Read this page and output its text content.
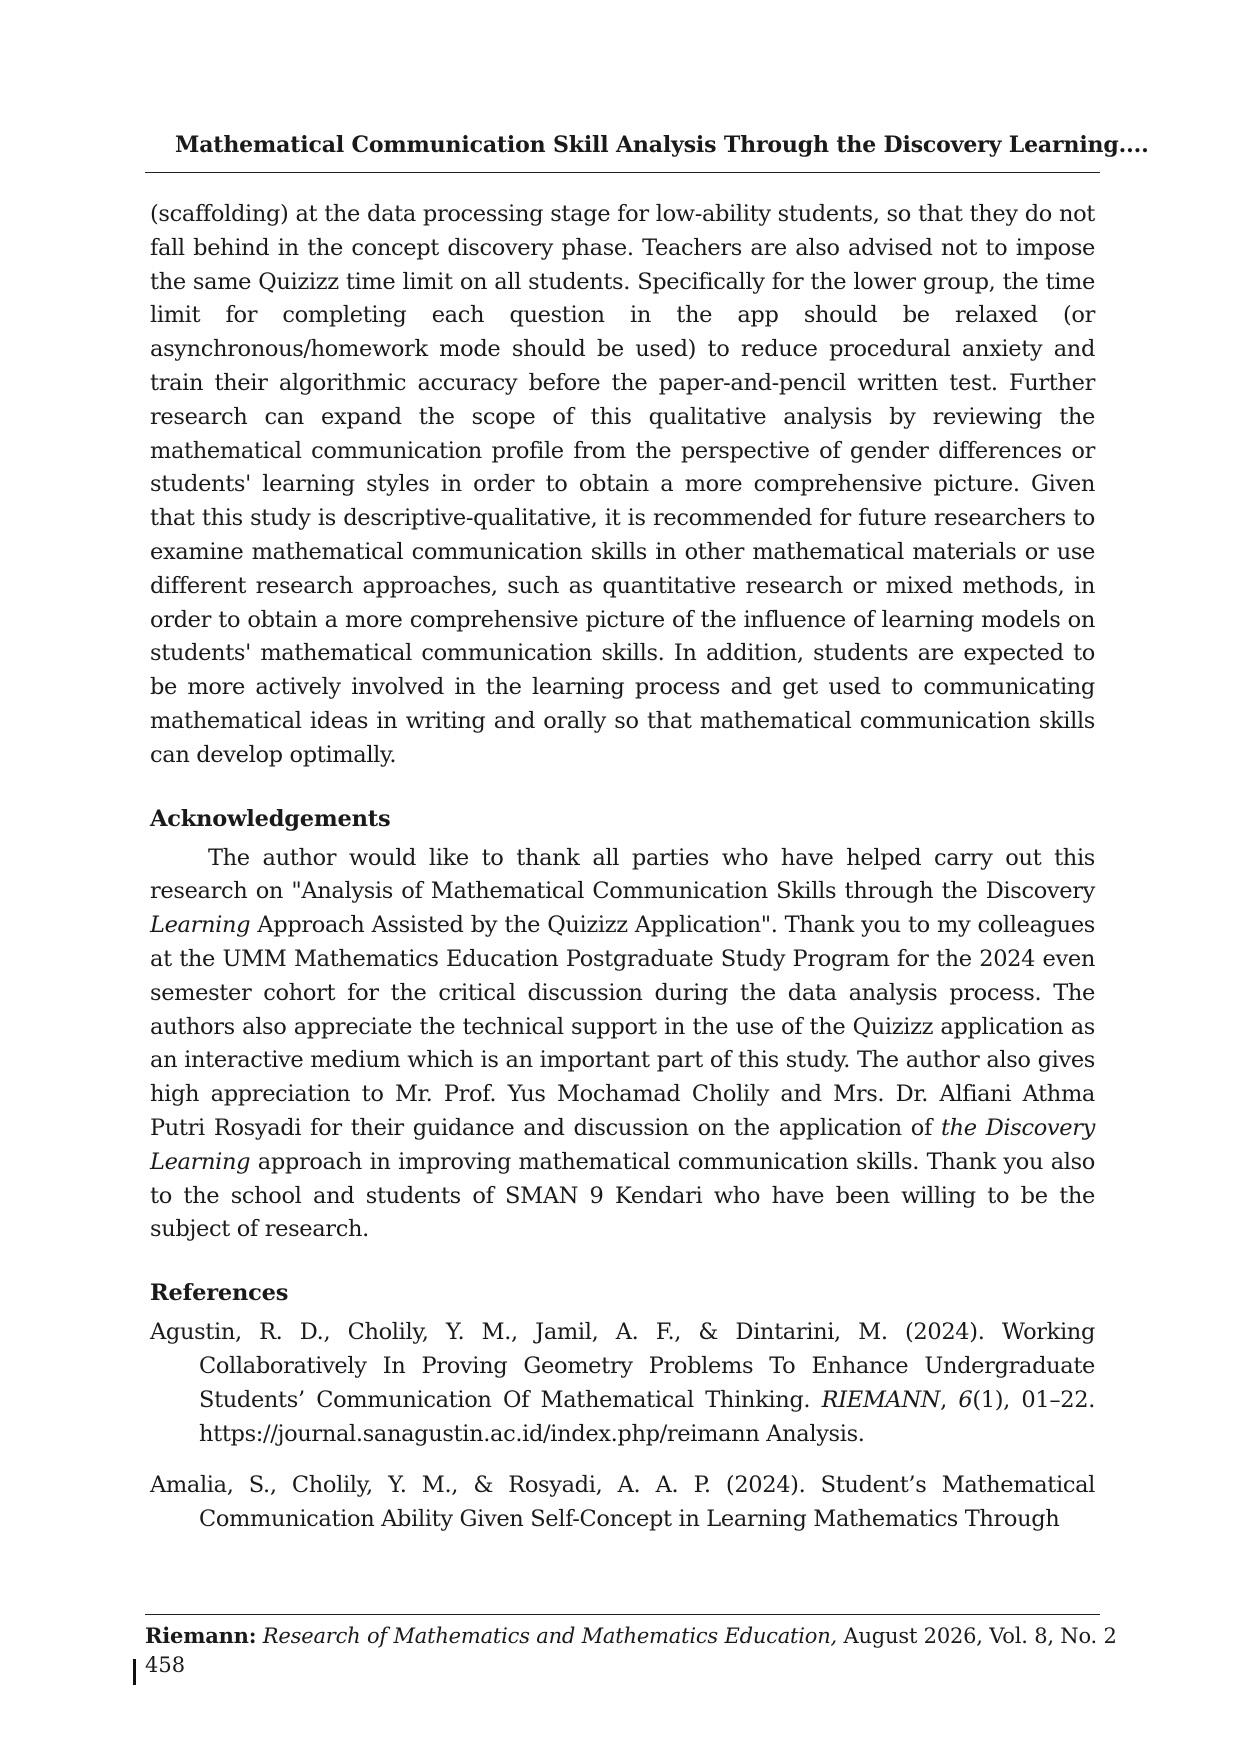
Mathematical Communication Skill Analysis Through the Discovery Learning....

(scaffolding) at the data processing stage for low-ability students, so that they do not fall behind in the concept discovery phase. Teachers are also advised not to impose the same Quizizz time limit on all students. Specifically for the lower group, the time limit for completing each question in the app should be relaxed (or asynchronous/homework mode should be used) to reduce procedural anxiety and train their algorithmic accuracy before the paper-and-pencil written test. Further research can expand the scope of this qualitative analysis by reviewing the mathematical communication profile from the perspective of gender differences or students' learning styles in order to obtain a more comprehensive picture. Given that this study is descriptive-qualitative, it is recommended for future researchers to examine mathematical communication skills in other mathematical materials or use different research approaches, such as quantitative research or mixed methods, in order to obtain a more comprehensive picture of the influence of learning models on students' mathematical communication skills. In addition, students are expected to be more actively involved in the learning process and get used to communicating mathematical ideas in writing and orally so that mathematical communication skills can develop optimally.

Acknowledgements

The author would like to thank all parties who have helped carry out this research on "Analysis of Mathematical Communication Skills through the Discovery Learning Approach Assisted by the Quizizz Application". Thank you to my colleagues at the UMM Mathematics Education Postgraduate Study Program for the 2024 even semester cohort for the critical discussion during the data analysis process. The authors also appreciate the technical support in the use of the Quizizz application as an interactive medium which is an important part of this study. The author also gives high appreciation to Mr. Prof. Yus Mochamad Cholily and Mrs. Dr. Alfiani Athma Putri Rosyadi for their guidance and discussion on the application of the Discovery Learning approach in improving mathematical communication skills. Thank you also to the school and students of SMAN 9 Kendari who have been willing to be the subject of research.

References

Agustin, R. D., Cholily, Y. M., Jamil, A. F., & Dintarini, M. (2024). Working Collaboratively In Proving Geometry Problems To Enhance Undergraduate Students’ Communication Of Mathematical Thinking. RIEMANN, 6(1), 01–22. https://journal.sanagustin.ac.id/index.php/reimann Analysis.

Amalia, S., Cholily, Y. M., & Rosyadi, A. A. P. (2024). Student’s Mathematical Communication Ability Given Self-Concept in Learning Mathematics Through

Riemann: Research of Mathematics and Mathematics Education, August 2026, Vol. 8, No. 2
458
